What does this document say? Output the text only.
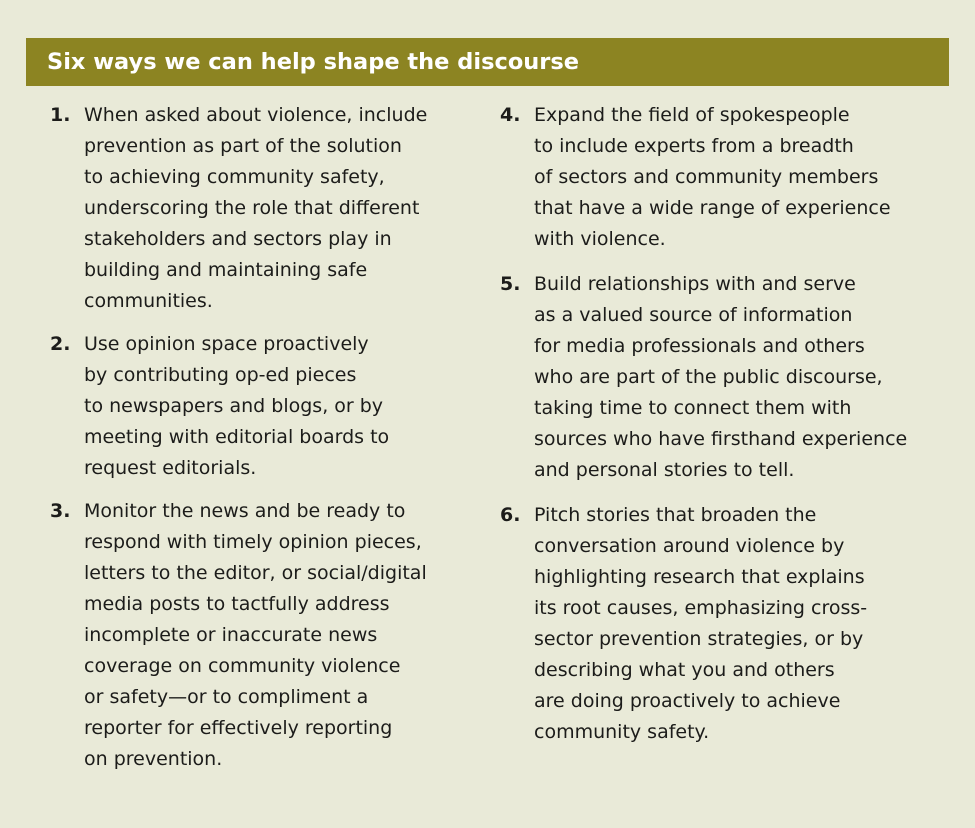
Six ways we can help shape the discourse
1. When asked about violence, include
prevention as part of the solution
to achieving community safety,
underscoring the role that different
stakeholders and sectors play in
building and maintaining safe
communities.
2. Use opinion space proactively
by contributing op-ed pieces
to newspapers and blogs, or by
meeting with editorial boards to
request editorials.
3. Monitor the news and be ready to
respond with timely opinion pieces,
letters to the editor, or social/digital
media posts to tactfully address
incomplete or inaccurate news
coverage on community violence
or safety—or to compliment a
reporter for effectively reporting
on prevention.
4. Expand the field of spokespeople
to include experts from a breadth
of sectors and community members
that have a wide range of experience
with violence.
5. Build relationships with and serve
as a valued source of information
for media professionals and others
who are part of the public discourse,
taking time to connect them with
sources who have firsthand experience
and personal stories to tell.
6. Pitch stories that broaden the
conversation around violence by
highlighting research that explains
its root causes, emphasizing cross-
sector prevention strategies, or by
describing what you and others
are doing proactively to achieve
community safety.
